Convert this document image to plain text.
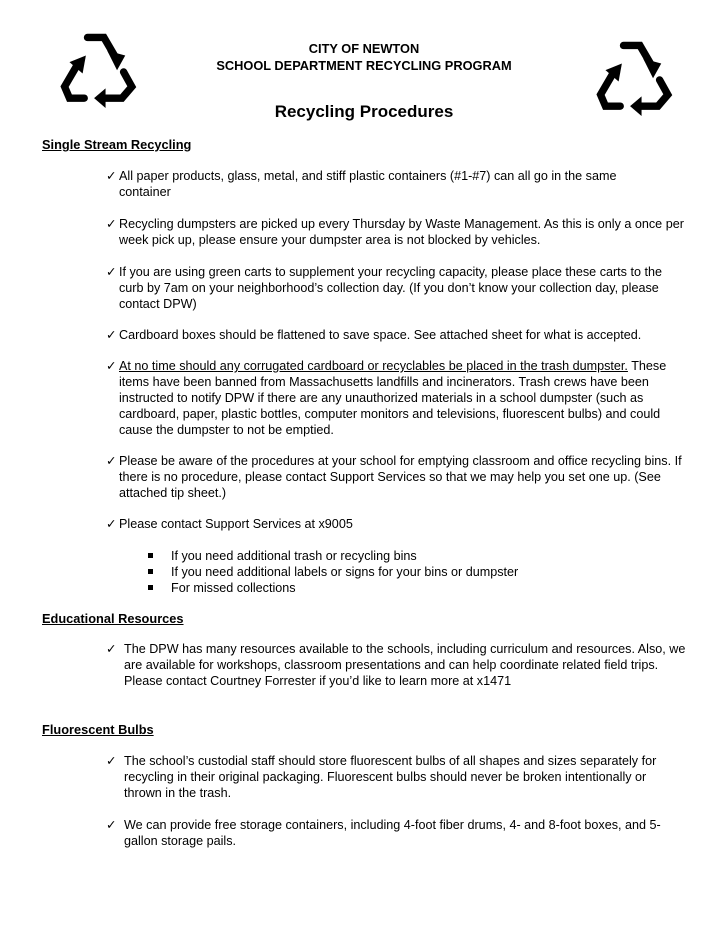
CITY OF NEWTON
SCHOOL DEPARTMENT RECYCLING PROGRAM
Recycling Procedures
Single Stream Recycling
✓ All paper products, glass, metal, and stiff plastic containers (#1-#7) can all go in the same container
✓ Recycling dumpsters are picked up every Thursday by Waste Management. As this is only a once per week pick up, please ensure your dumpster area is not blocked by vehicles.
✓ If you are using green carts to supplement your recycling capacity, please place these carts to the curb by 7am on your neighborhood’s collection day. (If you don’t know your collection day, please contact DPW)
✓ Cardboard boxes should be flattened to save space. See attached sheet for what is accepted.
✓ At no time should any corrugated cardboard or recyclables be placed in the trash dumpster. These items have been banned from Massachusetts landfills and incinerators. Trash crews have been instructed to notify DPW if there are any unauthorized materials in a school dumpster (such as cardboard, paper, plastic bottles, computer monitors and televisions, fluorescent bulbs) and could cause the dumpster to not be emptied.
✓ Please be aware of the procedures at your school for emptying classroom and office recycling bins. If there is no procedure, please contact Support Services so that we may help you set one up. (See attached tip sheet.)
✓ Please contact Support Services at x9005
If you need additional trash or recycling bins
If you need additional labels or signs for your bins or dumpster
For missed collections
Educational Resources
✓ The DPW has many resources available to the schools, including curriculum and resources. Also, we are available for workshops, classroom presentations and can help coordinate related field trips. Please contact Courtney Forrester if you’d like to learn more at x1471
Fluorescent Bulbs
✓ The school’s custodial staff should store fluorescent bulbs of all shapes and sizes separately for recycling in their original packaging. Fluorescent bulbs should never be broken intentionally or thrown in the trash.
✓ We can provide free storage containers, including 4-foot fiber drums, 4- and 8-foot boxes, and 5-gallon storage pails.
